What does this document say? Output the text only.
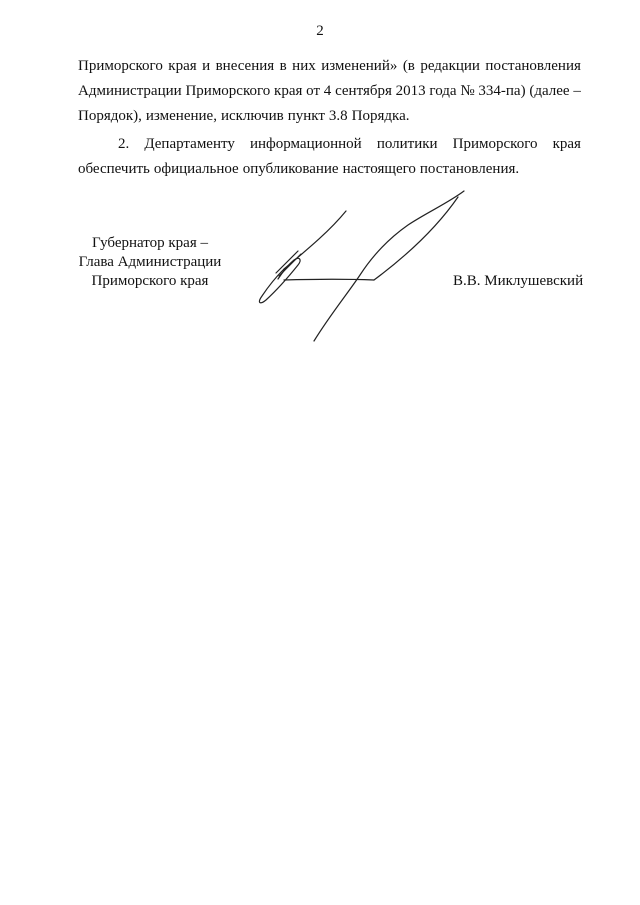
2
Приморского края и внесения в них изменений» (в редакции постановления
Администрации Приморского края от 4 сентября 2013 года № 334-па) (далее –
Порядок), изменение, исключив пункт 3.8 Порядка.
2. Департаменту информационной политики Приморского края
обеспечить официальное опубликование настоящего постановления.
Губернатор края –
Глава Администрации
Приморского края	В.В. Миклушевский
